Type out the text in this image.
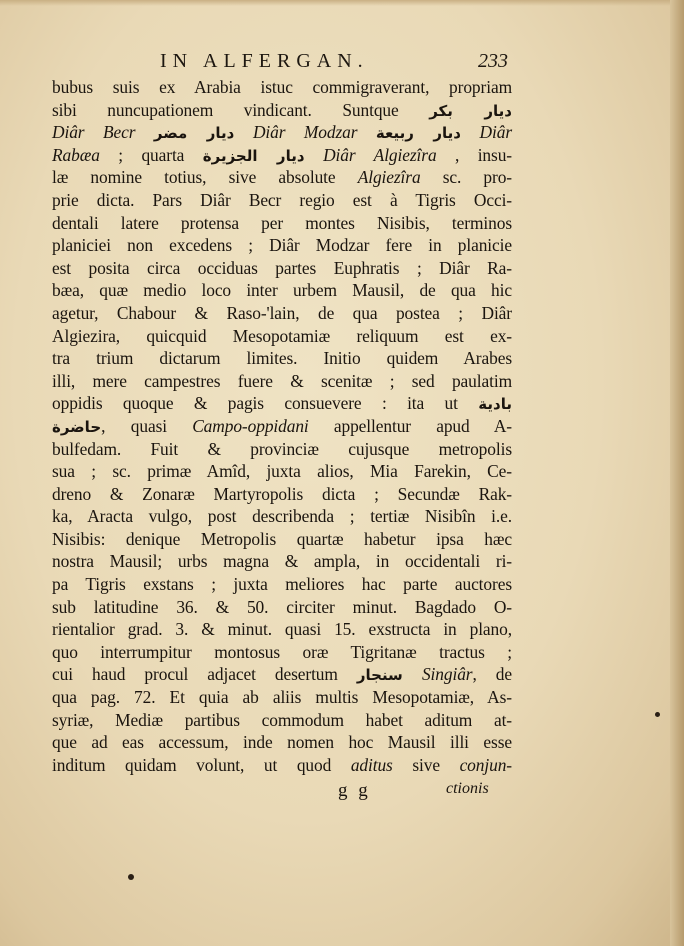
IN ALFERGAN.	233
bubus suis ex Arabia istuc commigraverant, propriam
sibi nuncupationem vindicant. Suntque ديار بكر
Diâr Becr ديار مضر Diâr Modzar ديار ربيعة Diâr
Rabæa ; quarta ديار الجزيرة Diâr Algiezîra , insu-
læ nomine totius, sive absolute Algiezîra sc. pro-
prie dicta. Pars Diâr Becr regio est à Tigris Occi-
dentali latere protensa per montes Nisibis, terminos
planiciei non excedens ; Diâr Modzar fere in planicie
est posita circa occiduas partes Euphratis ; Diâr Ra-
bæa, quæ medio loco inter urbem Mausil, de qua hic
agetur, Chabour & Raso-'lain, de qua postea ; Diâr
Algiezira, quicquid Mesopotamiæ reliquum est ex-
tra trium dictarum limites. Initio quidem Arabes
illi, mere campestres fuere & scenitæ ; sed paulatim
oppidis quoque & pagis consuevere : ita ut بادية
حاضرة, quasi Campo-oppidani appellentur apud A-
bulfedam. Fuit & provinciæ cujusque metropolis
sua ; sc. primæ Amîd, juxta alios, Mia Farekin, Ce-
dreno & Zonaræ Martyropolis dicta ; Secundæ Rak-
ka, Aracta vulgo, post describenda ; tertiæ Nisibîn i.e.
Nisibis: denique Metropolis quartæ habetur ipsa hæc
nostra Mausil; urbs magna & ampla, in occidentali ri-
pa Tigris exstans ; juxta meliores hac parte auctores
sub latitudine 36. & 50. circiter minut. Bagdado O-
rientalior grad. 3. & minut. quasi 15. exstructa in plano,
quo interrumpitur montosus oræ Tigritanæ tractus ;
cui haud procul adjacet desertum سنجار Singiâr, de
qua pag. 72. Et quia ab aliis multis Mesopotamiæ, As-
syriæ, Mediæ partibus commodum habet aditum at-
que ad eas accessum, inde nomen hoc Mausil illi esse
inditum quidam volunt, ut quod aditus sive conjun-
g g	ctionis
